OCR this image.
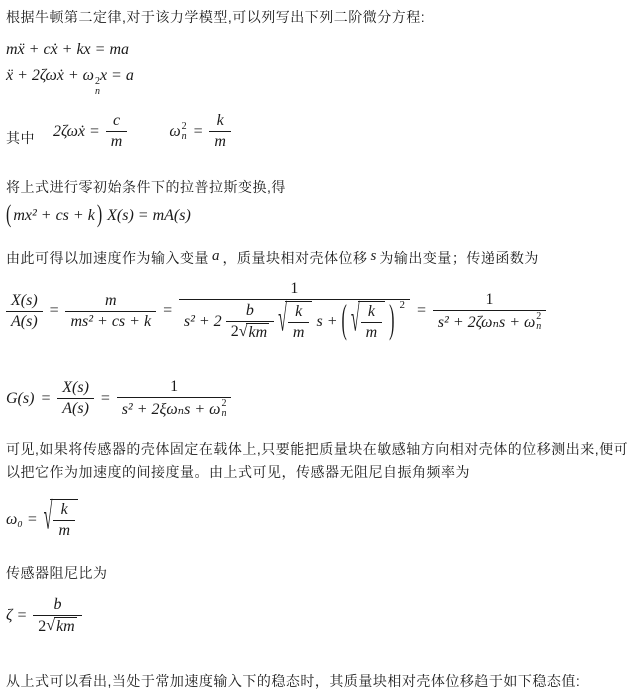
根据牛顿第二定律,对于该力学模型,可以列写出下列二阶微分方程:
mẍ + cẋ + kx = ma
ẍ + 2ζωẋ + ω 2
n
x = a
其中 2ζωẋ = $\frac{c}{m}$	ω 2
$n = \frac{k}{m}$
将上式进行零初始条件下的拉普拉斯变换,得
( mx² + cs + k ) X(s) = mA(s)
由此可得以加速度作为输入变量 a ，质量块相对壳体位移 s 为输出变量；传递函数为
$\frac{X(s)}{A(s)} = \frac{m}{\text{ms² + cs + k}}$ =
1
$s^2 + 2 \frac{b}{2 √ km}$ √ $\frac{k}{m}$ s + ( √ $\frac{k}{m}$ ) 2 = 1
s² + 2ζωₙs + ω 2
n
$G(s) = \frac{X(s)}{A(s)} = 1$
s² + 2ξωₙs + ω 2
n
可见,如果将传感器的壳体固定在载体上,只要能把质量块在敏感轴方向相对壳体的位移测出来,便可以把它作为加速度的间接度量。由上式可见，传感器无阻尼自振角频率为
ω₀ = √ $\frac{k}{m}$
传感器阻尼比为
$\zeta = \frac{b}{2 √ km}$
从上式可以看出,当处于常加速度输入下的稳态时，其质量块相对壳体位移趋于如下稳态值:
